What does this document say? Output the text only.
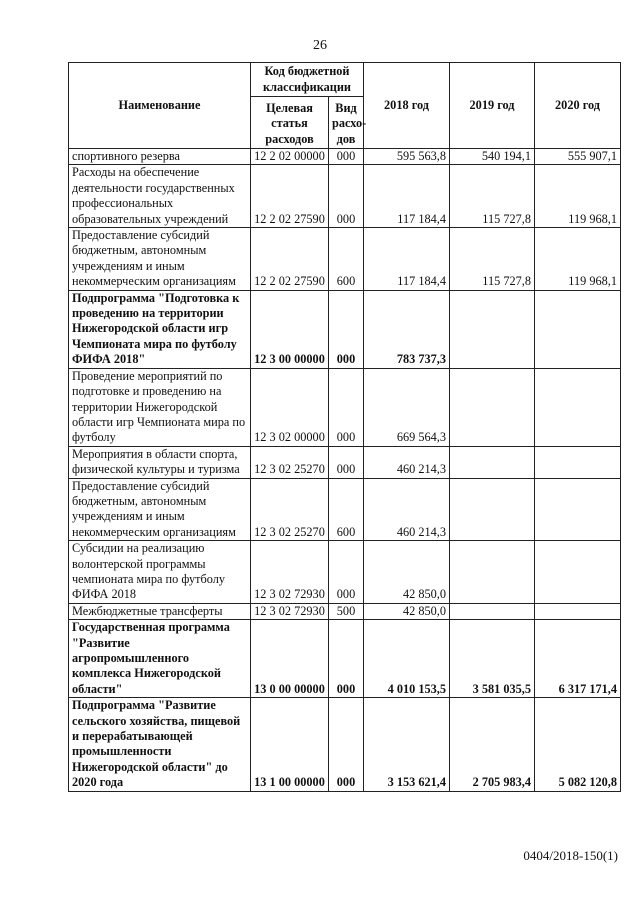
26
Наименование	Код бюджетной классификации		2018 год	2019 год	2020 год
	Целевая статья расходов	Вид расхо-дов			
спортивного резерва	12 2 02 00000	000	595 563,8	540 194,1	555 907,1
Расходы на обеспечение деятельности государственных профессиональных образовательных учреждений	12 2 02 27590	000	117 184,4	115 727,8	119 968,1
Предоставление субсидий бюджетным, автономным учреждениям и иным некоммерческим организациям	12 2 02 27590	600	117 184,4	115 727,8	119 968,1
Подпрограмма "Подготовка к проведению на территории Нижегородской области игр Чемпионата мира по футболу ФИФА 2018"	12 3 00 00000	000	783 737,3		
Проведение мероприятий по подготовке и проведению на территории Нижегородской области игр Чемпионата мира по футболу	12 3 02 00000	000	669 564,3		
Мероприятия в области спорта, физической культуры и туризма	12 3 02 25270	000	460 214,3		
Предоставление субсидий бюджетным, автономным учреждениям и иным некоммерческим организациям	12 3 02 25270	600	460 214,3		
Субсидии на реализацию волонтерской программы чемпионата мира по футболу ФИФА 2018	12 3 02 72930	000	42 850,0		
Межбюджетные трансферты	12 3 02 72930	500	42 850,0		
Государственная программа "Развитие агропромышленного комплекса Нижегородской области"	13 0 00 00000	000	4 010 153,5	3 581 035,5	6 317 171,4
Подпрограмма "Развитие сельского хозяйства, пищевой и перерабатывающей промышленности Нижегородской области" до 2020 года	13 1 00 00000	000	3 153 621,4	2 705 983,4	5 082 120,8
0404/2018-150(1)
